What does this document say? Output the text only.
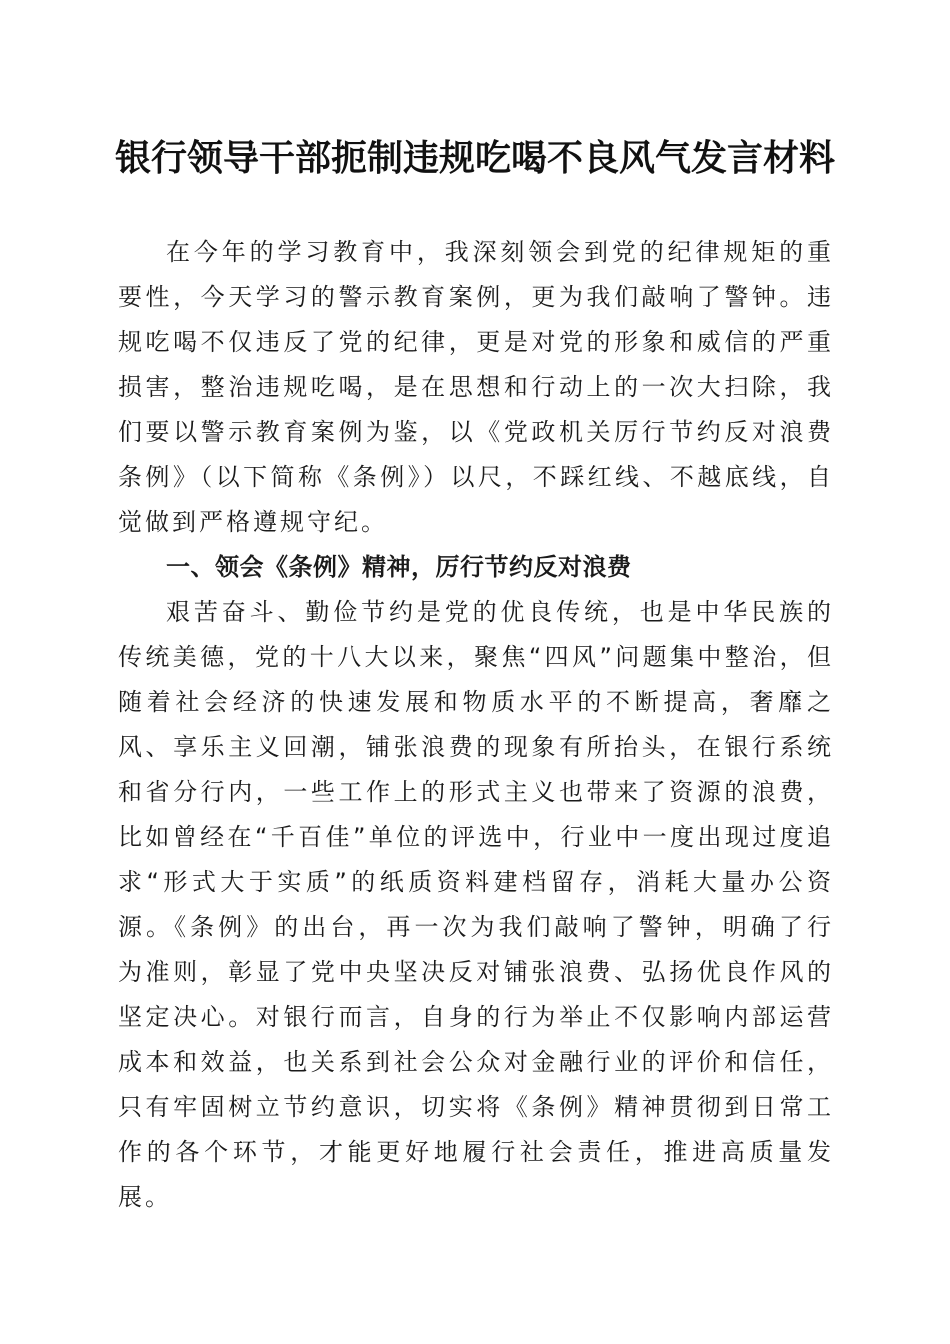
银行领导干部扼制违规吃喝不良风气发言材料

在今年的学习教育中，我深刻领会到党的纪律规矩的重要性，今天学习的警示教育案例，更为我们敲响了警钟。违规吃喝不仅违反了党的纪律，更是对党的形象和威信的严重损害，整治违规吃喝，是在思想和行动上的一次大扫除，我们要以警示教育案例为鉴，以《党政机关厉行节约反对浪费条例》（以下简称《条例》）以尺，不踩红线、不越底线，自觉做到严格遵规守纪。

一、领会《条例》精神，厉行节约反对浪费

艰苦奋斗、勤俭节约是党的优良传统，也是中华民族的传统美德，党的十八大以来，聚焦“四风”问题集中整治，但随着社会经济的快速发展和物质水平的不断提高，奢靡之风、享乐主义回潮，铺张浪费的现象有所抬头，在银行系统和省分行内，一些工作上的形式主义也带来了资源的浪费，比如曾经在“千百佳”单位的评选中，行业中一度出现过度追求“形式大于实质”的纸质资料建档留存，消耗大量办公资源。《条例》的出台，再一次为我们敲响了警钟，明确了行为准则，彰显了党中央坚决反对铺张浪费、弘扬优良作风的坚定决心。对银行而言，自身的行为举止不仅影响内部运营成本和效益，也关系到社会公众对金融行业的评价和信任，只有牢固树立节约意识，切实将《条例》精神贯彻到日常工作的各个环节，才能更好地履行社会责任，推进高质量发展。
